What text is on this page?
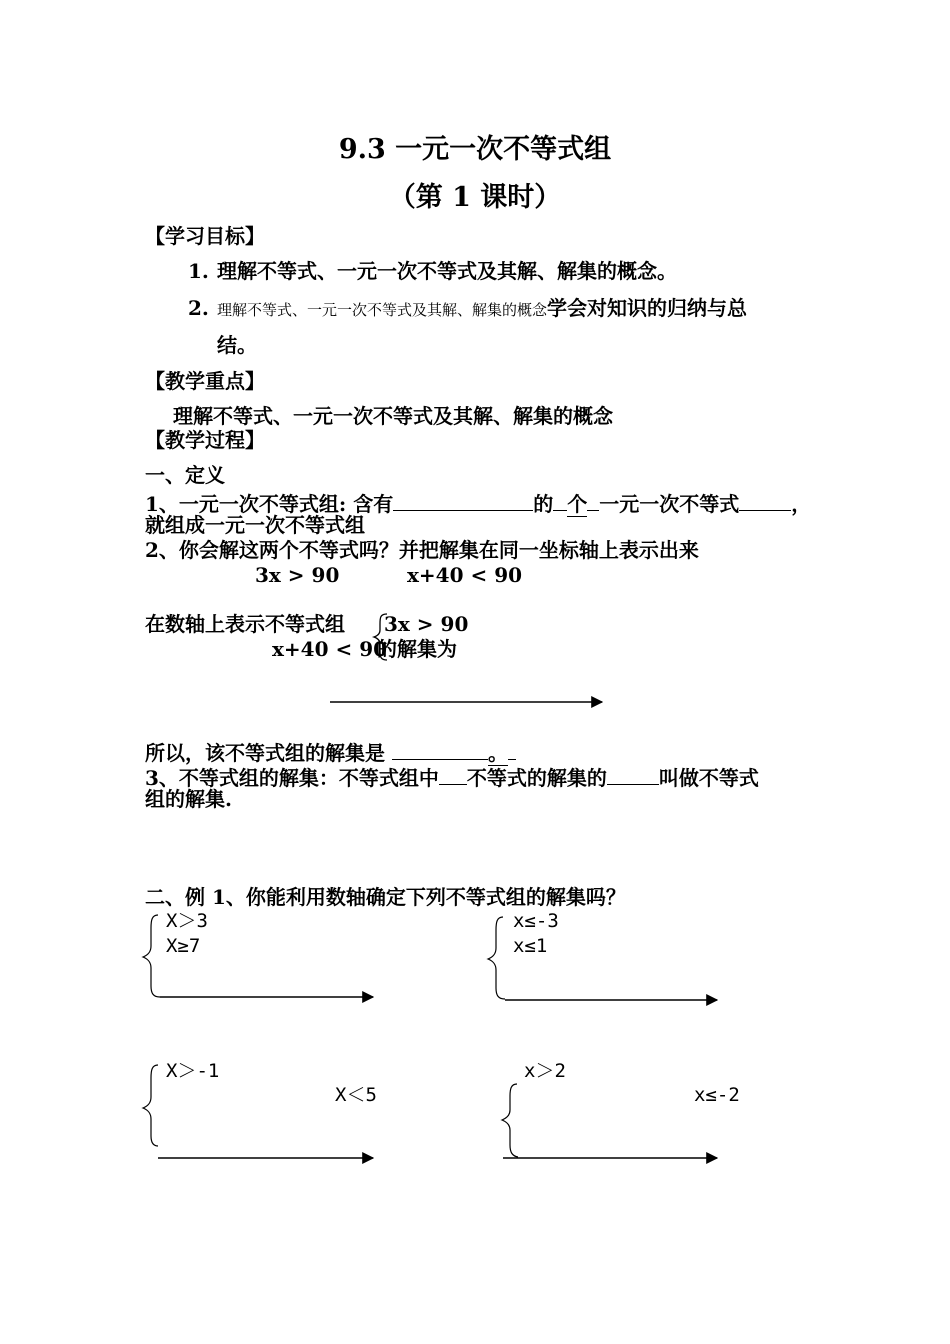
9.3 一元一次不等式组
（第 1 课时）
【学习目标】
1. 理解不等式、一元一次不等式及其解、解集的概念。
2. 理解不等式、一元一次不等式及其解、解集的概念学会对知识的归纳与总
结。
【教学重点】
理解不等式、一元一次不等式及其解、解集的概念
【教学过程】
一、定义
1、一元一次不等式组: 含有	的 个 一元一次不等式	，
就组成一元一次不等式组
2、你会解这两个不等式吗？并把解集在同一坐标轴上表示出来
3x > 90	x+40 < 90
在数轴上表示不等式组 3x > 90
x+40 < 90
的解集为
所以，该不等式组的解集是	。
3、不等式组的解集：不等式组中 不等式的解集的	叫做不等式
组的解集.
二、例 1、你能利用数轴确定下列不等式组的解集吗？
X＞3
X≥7
x≤-3
x≤1
X＞-1
X＜5
x＞2
x≤-2
